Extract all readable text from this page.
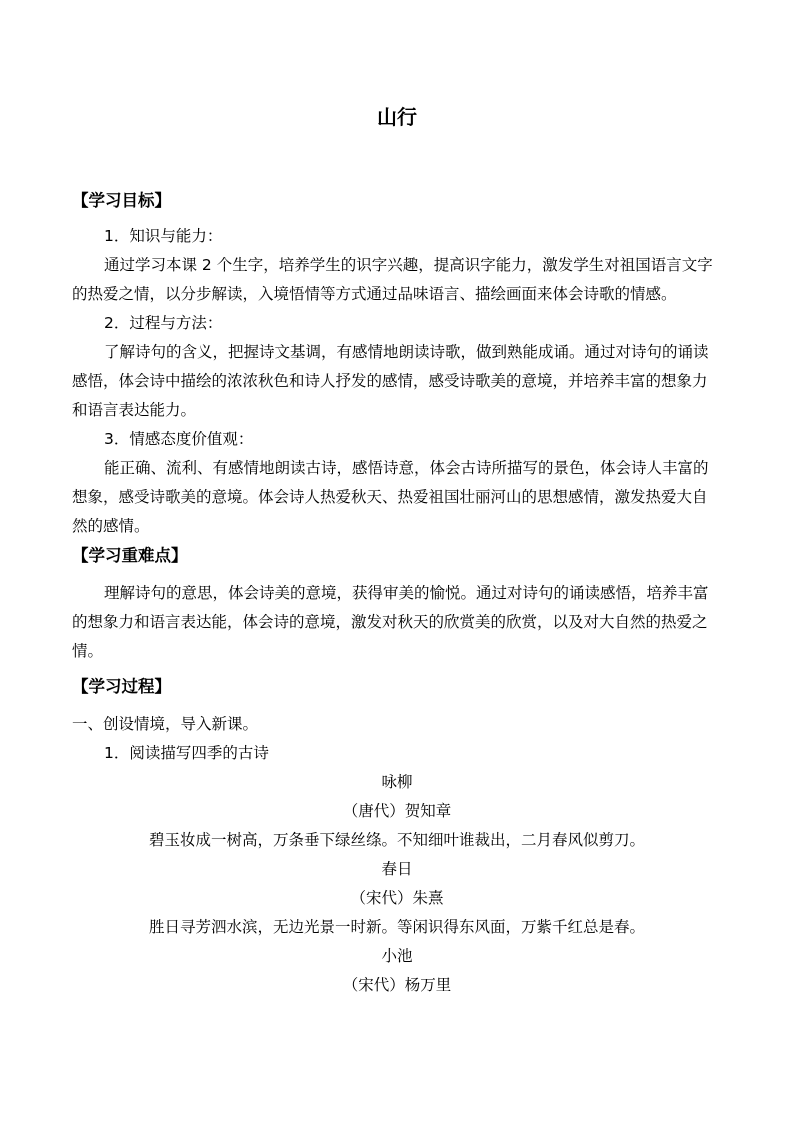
山行

【学习目标】

1．知识与能力：

通过学习本课 2 个生字，培养学生的识字兴趣，提高识字能力，激发学生对祖国语言文字的热爱之情，以分步解读，入境悟情等方式通过品味语言、描绘画面来体会诗歌的情感。

2．过程与方法：

了解诗句的含义，把握诗文基调，有感情地朗读诗歌，做到熟能成诵。通过对诗句的诵读感悟，体会诗中描绘的浓浓秋色和诗人抒发的感情，感受诗歌美的意境，并培养丰富的想象力和语言表达能力。

3．情感态度价值观：

能正确、流利、有感情地朗读古诗，感悟诗意，体会古诗所描写的景色，体会诗人丰富的想象，感受诗歌美的意境。体会诗人热爱秋天、热爱祖国壮丽河山的思想感情，激发热爱大自然的感情。

【学习重难点】

理解诗句的意思，体会诗美的意境，获得审美的愉悦。通过对诗句的诵读感悟，培养丰富的想象力和语言表达能，体会诗的意境，激发对秋天的欣赏美的欣赏，以及对大自然的热爱之情。

【学习过程】

一、创设情境，导入新课。

1．阅读描写四季的古诗

咏柳

（唐代）贺知章

碧玉妆成一树高，万条垂下绿丝绦。不知细叶谁裁出，二月春风似剪刀。

春日

（宋代）朱熹

胜日寻芳泗水滨，无边光景一时新。等闲识得东风面，万紫千红总是春。

小池

（宋代）杨万里
